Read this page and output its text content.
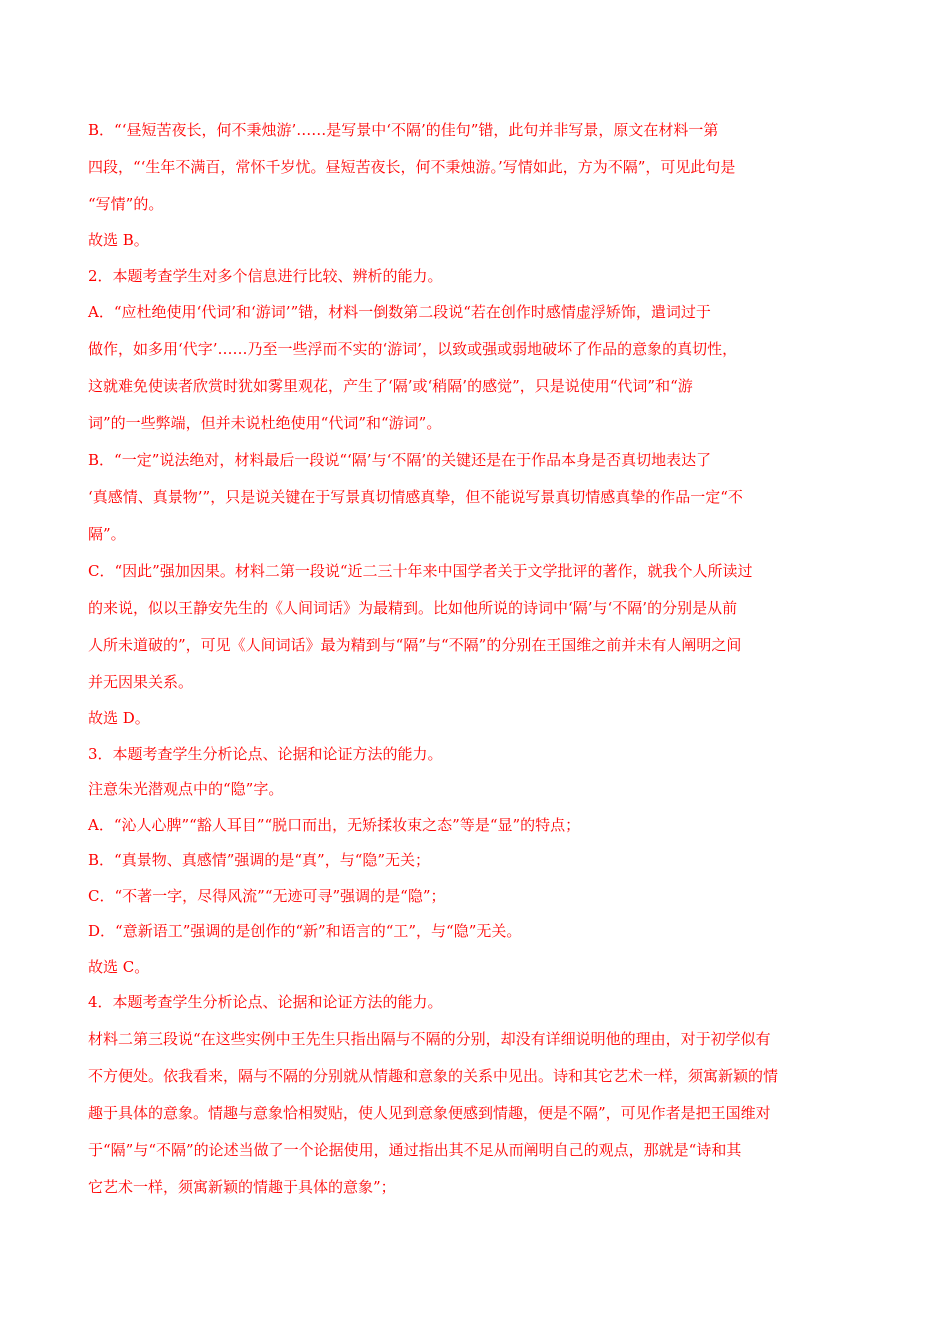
B．“‘昼短苦夜长，何不秉烛游’……是写景中‘不隔’的佳句”错，此句并非写景，原文在材料一第

四段，“‘生年不满百，常怀千岁忧。昼短苦夜长，何不秉烛游。’写情如此，方为不隔”，可见此句是

“写情”的。

故选 B。

2．本题考查学生对多个信息进行比较、辨析的能力。

A．“应杜绝使用‘代词’和‘游词’”错，材料一倒数第二段说“若在创作时感情虚浮矫饰，遣词过于

做作，如多用‘代字’……乃至一些浮而不实的‘游词’，以致或强或弱地破坏了作品的意象的真切性，

这就难免使读者欣赏时犹如雾里观花，产生了‘隔’或‘稍隔’的感觉”，只是说使用“代词”和“游

词”的一些弊端，但并未说杜绝使用“代词”和“游词”。

B．“一定”说法绝对，材料最后一段说“‘隔’与‘不隔’的关键还是在于作品本身是否真切地表达了

‘真感情、真景物’”，只是说关键在于写景真切情感真挚，但不能说写景真切情感真挚的作品一定“不

隔”。

C．“因此”强加因果。材料二第一段说“近二三十年来中国学者关于文学批评的著作，就我个人所读过

的来说，似以王静安先生的《人间词话》为最精到。比如他所说的诗词中‘隔’与‘不隔’的分别是从前

人所未道破的”，可见《人间词话》最为精到与“隔”与“不隔”的分别在王国维之前并未有人阐明之间

并无因果关系。

故选 D。

3．本题考查学生分析论点、论据和论证方法的能力。

注意朱光潜观点中的“隐”字。

A．“沁人心脾”“豁人耳目”“脱口而出，无矫揉妆束之态”等是“显”的特点；

B．“真景物、真感情”强调的是“真”，与“隐”无关；

C．“不著一字，尽得风流”“无迹可寻”强调的是“隐”；

D．“意新语工”强调的是创作的“新”和语言的“工”，与“隐”无关。

故选 C。

4．本题考查学生分析论点、论据和论证方法的能力。

材料二第三段说“在这些实例中王先生只指出隔与不隔的分别，却没有详细说明他的理由，对于初学似有

不方便处。依我看来，隔与不隔的分别就从情趣和意象的关系中见出。诗和其它艺术一样，须寓新颖的情

趣于具体的意象。情趣与意象恰相熨贴，使人见到意象便感到情趣，便是不隔”，可见作者是把王国维对

于“隔”与“不隔”的论述当做了一个论据使用，通过指出其不足从而阐明自己的观点，那就是“诗和其

它艺术一样，须寓新颖的情趣于具体的意象”；
